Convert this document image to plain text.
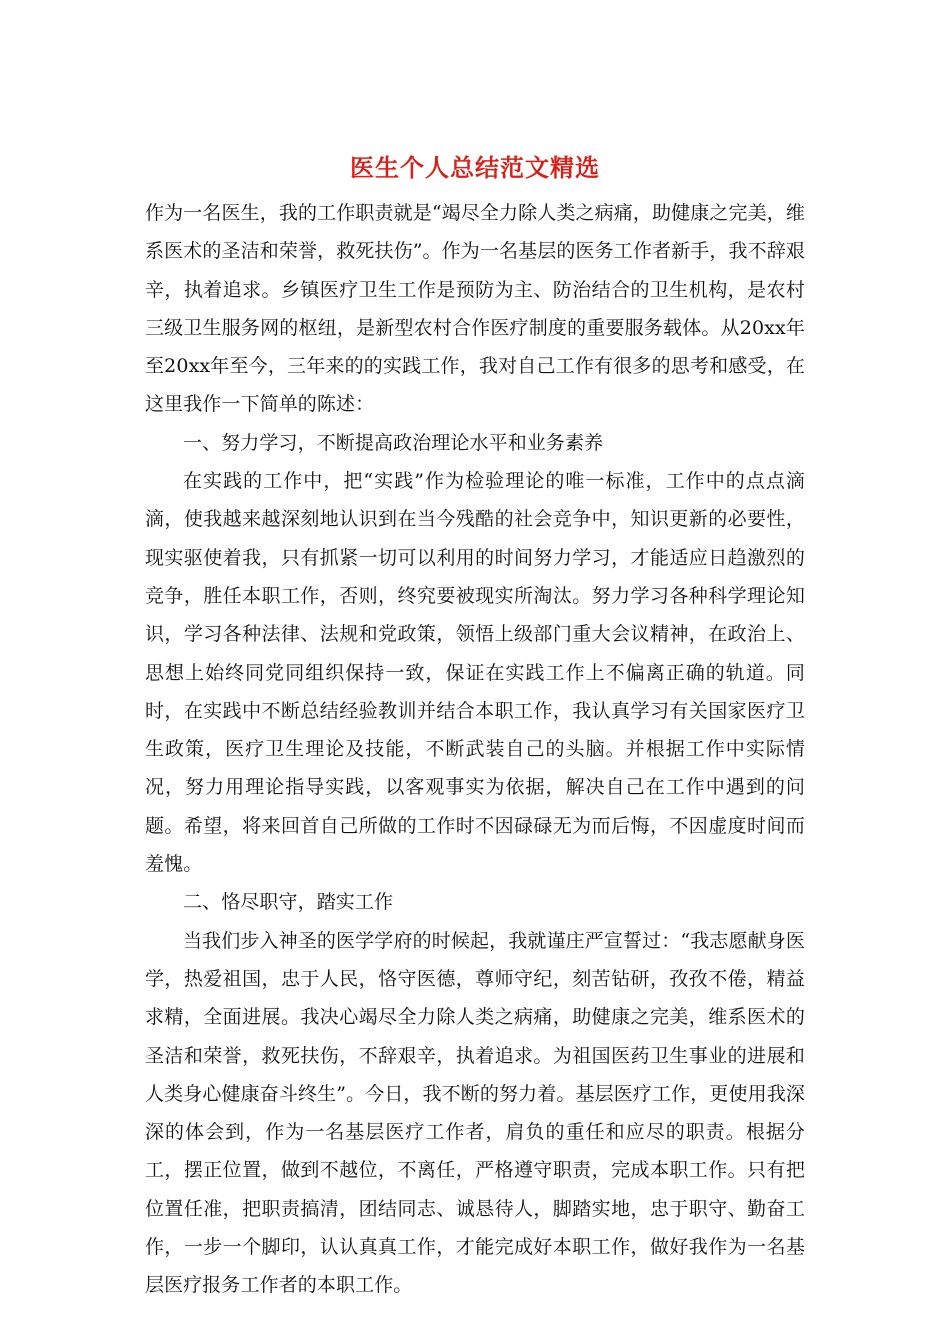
医生个人总结范文精选

作为一名医生，我的工作职责就是“竭尽全力除人类之病痛，助健康之完美，维系医术的圣洁和荣誉，救死扶伤”。作为一名基层的医务工作者新手，我不辞艰辛，执着追求。乡镇医疗卫生工作是预防为主、防治结合的卫生机构，是农村三级卫生服务网的枢纽，是新型农村合作医疗制度的重要服务载体。从20xx年至20xx年至今，三年来的的实践工作，我对自己工作有很多的思考和感受，在这里我作一下简单的陈述：

一、努力学习，不断提高政治理论水平和业务素养

在实践的工作中，把“实践”作为检验理论的唯一标准，工作中的点点滴滴，使我越来越深刻地认识到在当今残酷的社会竞争中，知识更新的必要性，现实驱使着我，只有抓紧一切可以利用的时间努力学习，才能适应日趋激烈的竞争，胜任本职工作，否则，终究要被现实所淘汰。努力学习各种科学理论知识，学习各种法律、法规和党政策，领悟上级部门重大会议精神，在政治上、思想上始终同党同组织保持一致，保证在实践工作上不偏离正确的轨道。同时，在实践中不断总结经验教训并结合本职工作，我认真学习有关国家医疗卫生政策，医疗卫生理论及技能，不断武装自己的头脑。并根据工作中实际情况，努力用理论指导实践，以客观事实为依据，解决自己在工作中遇到的问题。希望，将来回首自己所做的工作时不因碌碌无为而后悔，不因虚度时间而羞愧。

二、恪尽职守，踏实工作

当我们步入神圣的医学学府的时候起，我就谨庄严宣誓过：“我志愿献身医学，热爱祖国，忠于人民，恪守医德，尊师守纪，刻苦钻研，孜孜不倦，精益求精，全面进展。我决心竭尽全力除人类之病痛，助健康之完美，维系医术的圣洁和荣誉，救死扶伤，不辞艰辛，执着追求。为祖国医药卫生事业的进展和人类身心健康奋斗终生”。今日，我不断的努力着。基层医疗工作，更使用我深深的体会到，作为一名基层医疗工作者，肩负的重任和应尽的职责。根据分工，摆正位置，做到不越位，不离任，严格遵守职责，完成本职工作。只有把位置任准，把职责搞清，团结同志、诚恳待人，脚踏实地，忠于职守、勤奋工作，一步一个脚印，认认真真工作，才能完成好本职工作，做好我作为一名基层医疗报务工作者的本职工作。
